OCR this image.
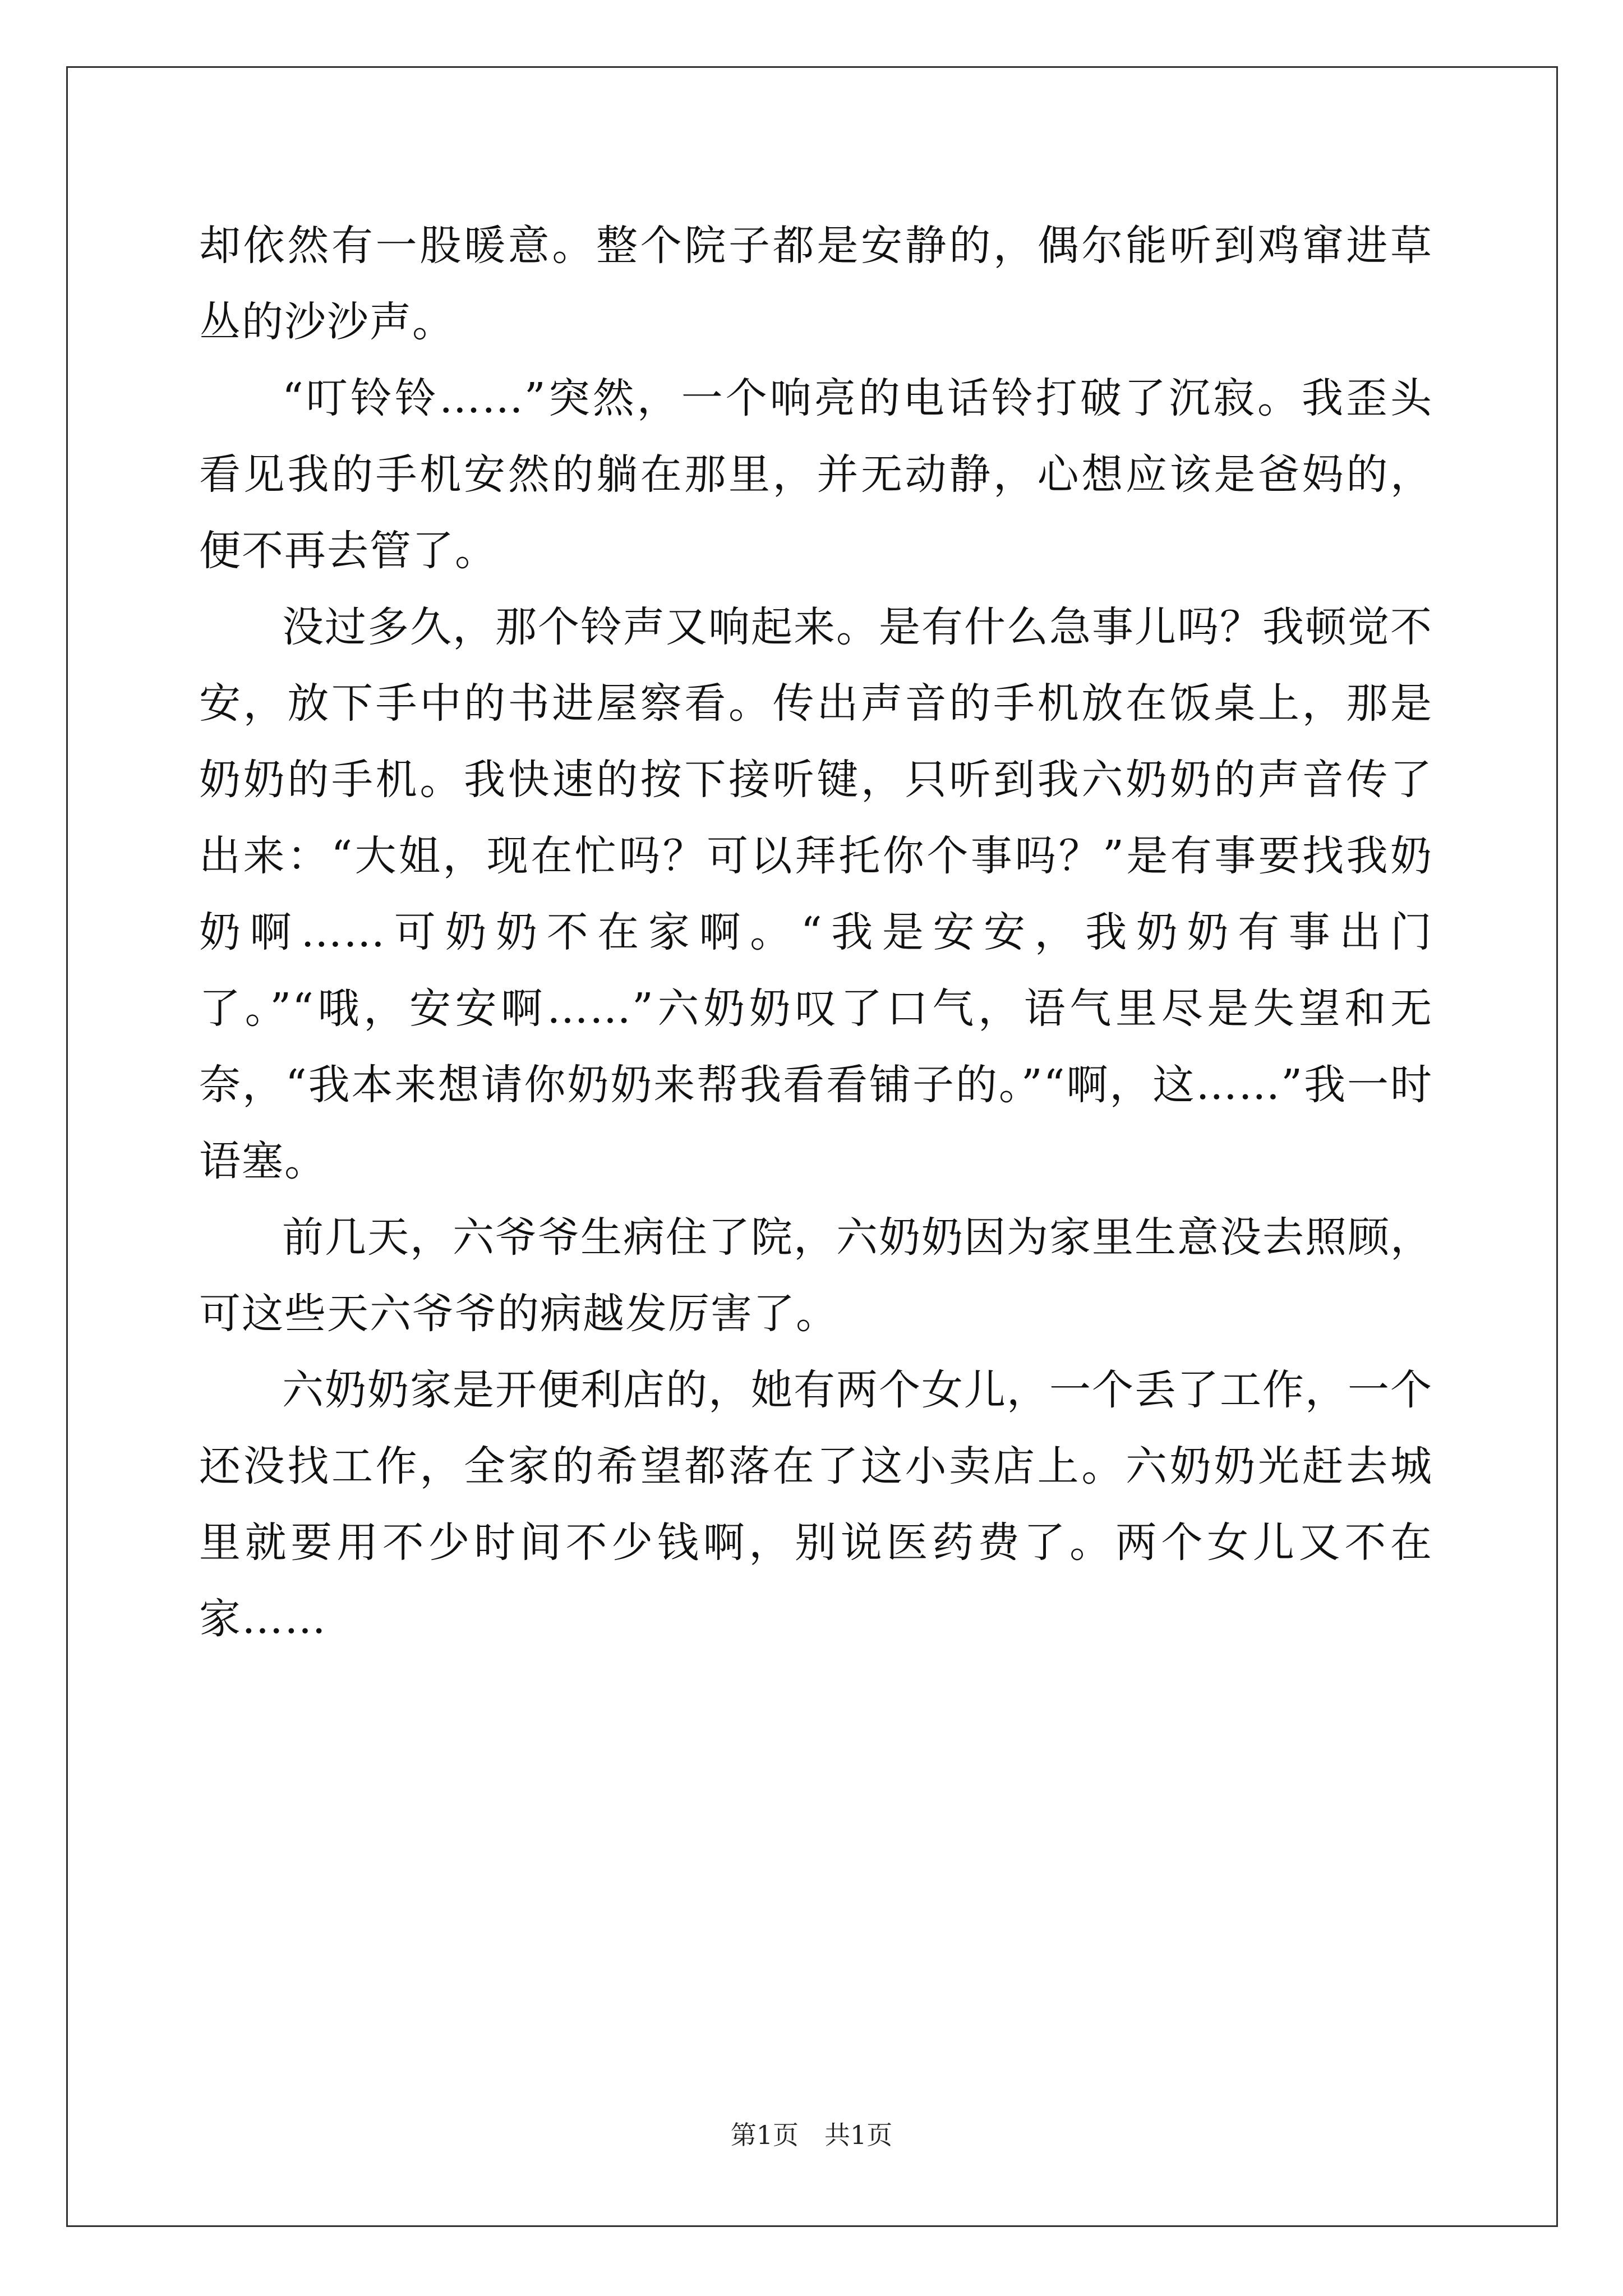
却依然有一股暖意。整个院子都是安静的，偶尔能听到鸡窜进草丛的沙沙声。

“叮铃铃……”突然，一个响亮的电话铃打破了沉寂。我歪头看见我的手机安然的躺在那里，并无动静，心想应该是爸妈的，便不再去管了。

没过多久，那个铃声又响起来。是有什么急事儿吗？我顿觉不安，放下手中的书进屋察看。传出声音的手机放在饭桌上，那是奶奶的手机。我快速的按下接听键，只听到我六奶奶的声音传了出来：“大姐，现在忙吗？可以拜托你个事吗？”是有事要找我奶奶啊……可奶奶不在家啊。“我是安安，我奶奶有事出门了。”“哦，安安啊……”六奶奶叹了口气，语气里尽是失望和无奈，“我本来想请你奶奶来帮我看看铺子的。”“啊，这……”我一时语塞。

前几天，六爷爷生病住了院，六奶奶因为家里生意没去照顾，可这些天六爷爷的病越发厉害了。

六奶奶家是开便利店的，她有两个女儿，一个丢了工作，一个还没找工作，全家的希望都落在了这小卖店上。六奶奶光赶去城里就要用不少时间不少钱啊，别说医药费了。两个女儿又不在家……

第1页 共1页
